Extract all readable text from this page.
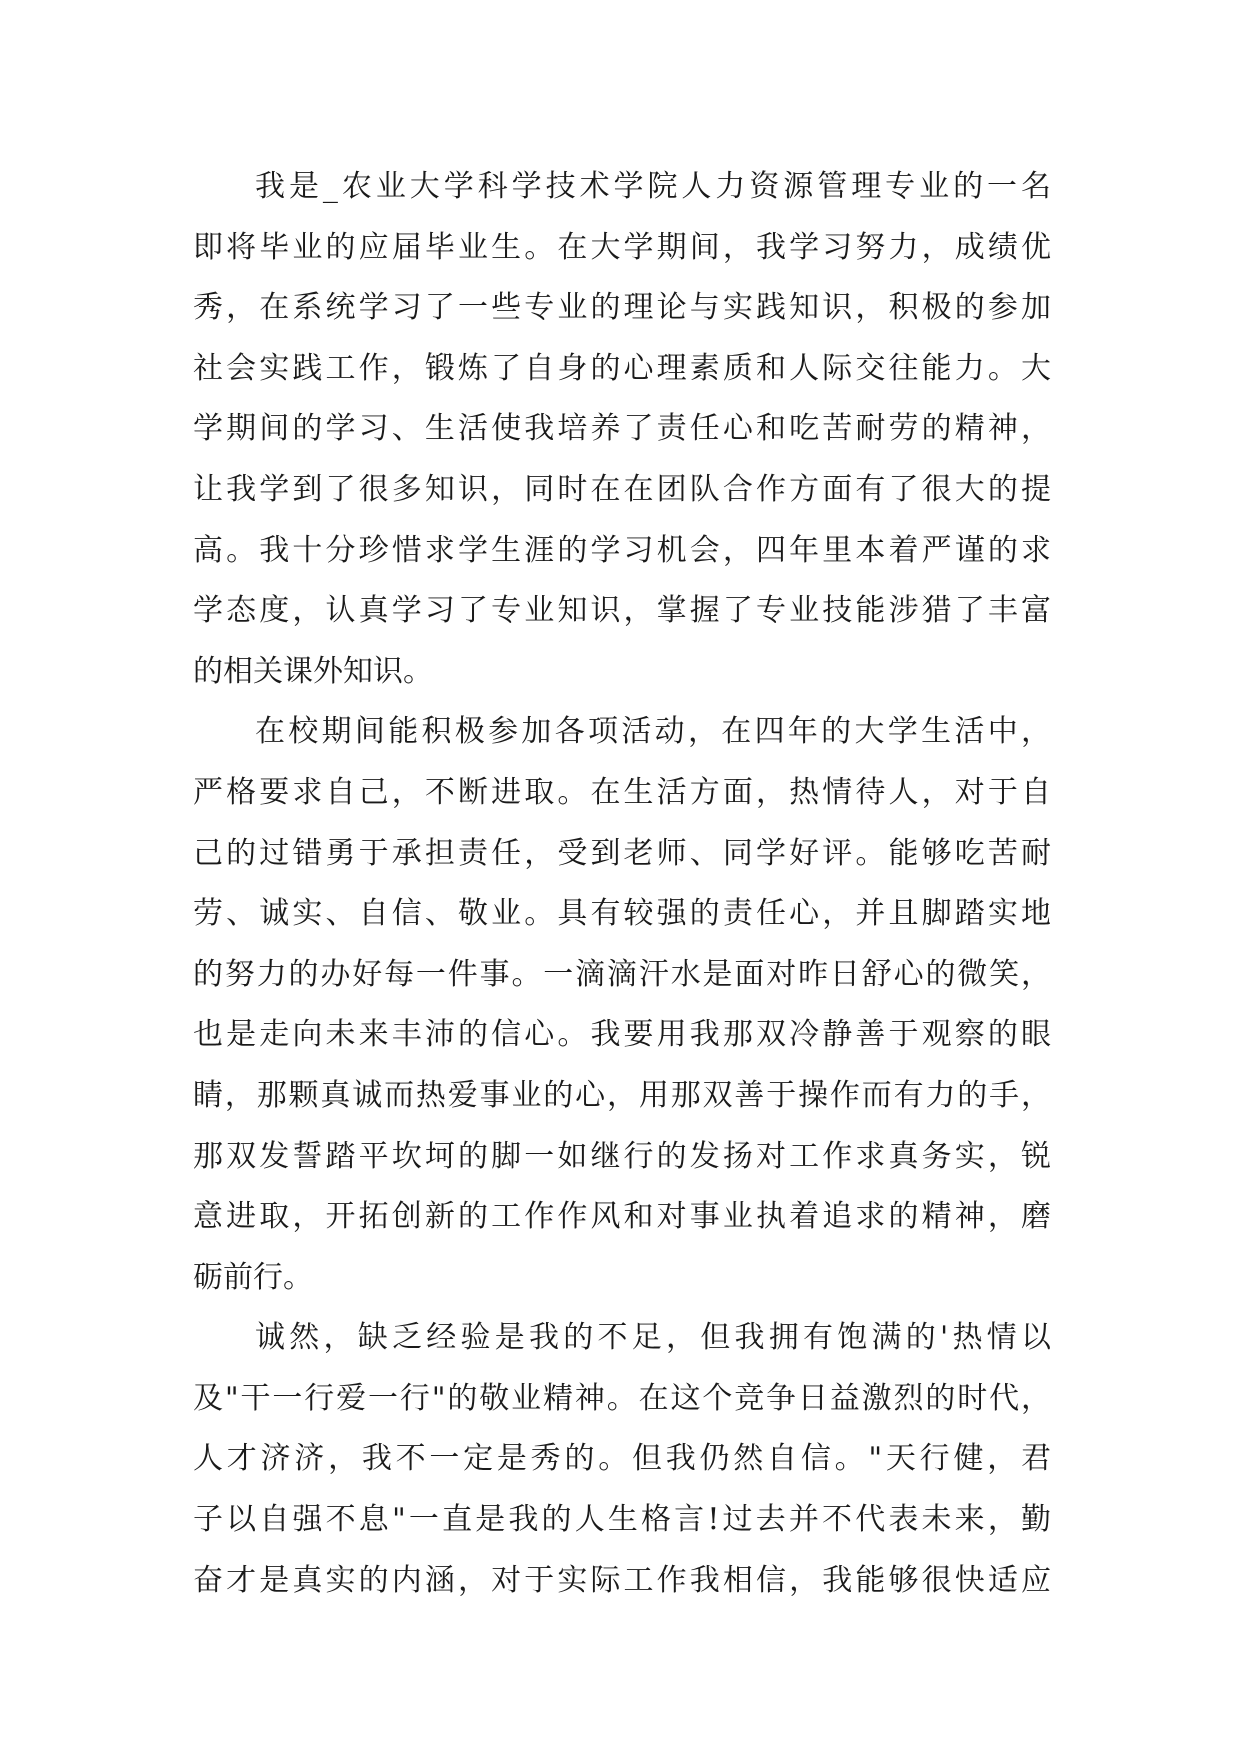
我是_农业大学科学技术学院人力资源管理专业的一名
即将毕业的应届毕业生。在大学期间，我学习努力，成绩优
秀，在系统学习了一些专业的理论与实践知识，积极的参加
社会实践工作，锻炼了自身的心理素质和人际交往能力。大
学期间的学习、生活使我培养了责任心和吃苦耐劳的精神，
让我学到了很多知识，同时在在团队合作方面有了很大的提
高。我十分珍惜求学生涯的学习机会，四年里本着严谨的求
学态度，认真学习了专业知识，掌握了专业技能涉猎了丰富
的相关课外知识。
在校期间能积极参加各项活动，在四年的大学生活中，
严格要求自己，不断进取。在生活方面，热情待人，对于自
己的过错勇于承担责任，受到老师、同学好评。能够吃苦耐
劳、诚实、自信、敬业。具有较强的责任心，并且脚踏实地
的努力的办好每一件事。一滴滴汗水是面对昨日舒心的微笑，
也是走向未来丰沛的信心。我要用我那双冷静善于观察的眼
睛，那颗真诚而热爱事业的心，用那双善于操作而有力的手，
那双发誓踏平坎坷的脚一如继行的发扬对工作求真务实，锐
意进取，开拓创新的工作作风和对事业执着追求的精神，磨
砺前行。
诚然，缺乏经验是我的不足，但我拥有饱满的'热情以
及"干一行爱一行"的敬业精神。在这个竞争日益激烈的时代，
人才济济，我不一定是秀的。但我仍然自信。"天行健，君
子以自强不息"一直是我的人生格言!过去并不代表未来，勤
奋才是真实的内涵，对于实际工作我相信，我能够很快适应
